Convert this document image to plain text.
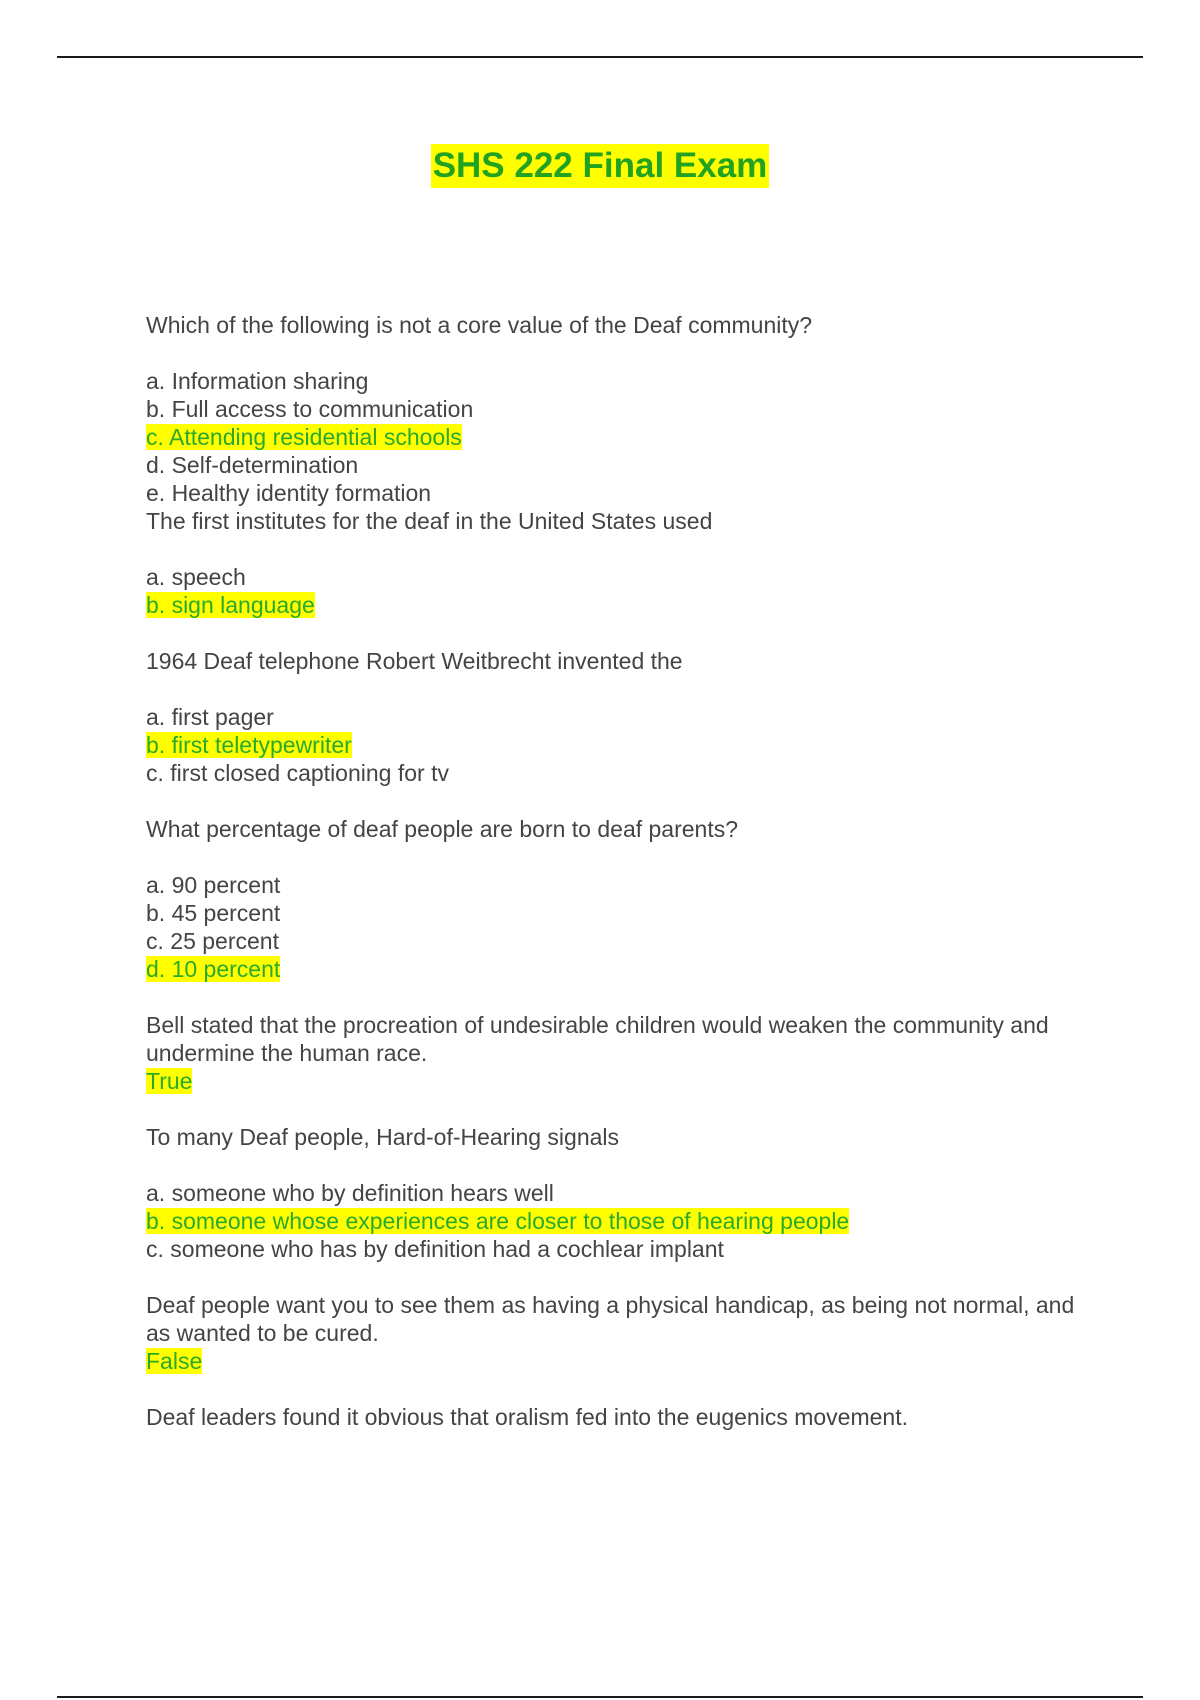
SHS 222 Final Exam
Which of the following is not a core value of the Deaf community?
a. Information sharing
b. Full access to communication
c. Attending residential schools
d. Self-determination
e. Healthy identity formation
The first institutes for the deaf in the United States used
a. speech
b. sign language
1964 Deaf telephone Robert Weitbrecht invented the
a. first pager
b. first teletypewriter
c. first closed captioning for tv
What percentage of deaf people are born to deaf parents?
a. 90 percent
b. 45 percent
c. 25 percent
d. 10 percent
Bell stated that the procreation of undesirable children would weaken the community and undermine the human race.
True
To many Deaf people, Hard-of-Hearing signals
a. someone who by definition hears well
b. someone whose experiences are closer to those of hearing people
c. someone who has by definition had a cochlear implant
Deaf people want you to see them as having a physical handicap, as being not normal, and as wanted to be cured.
False
Deaf leaders found it obvious that oralism fed into the eugenics movement.
